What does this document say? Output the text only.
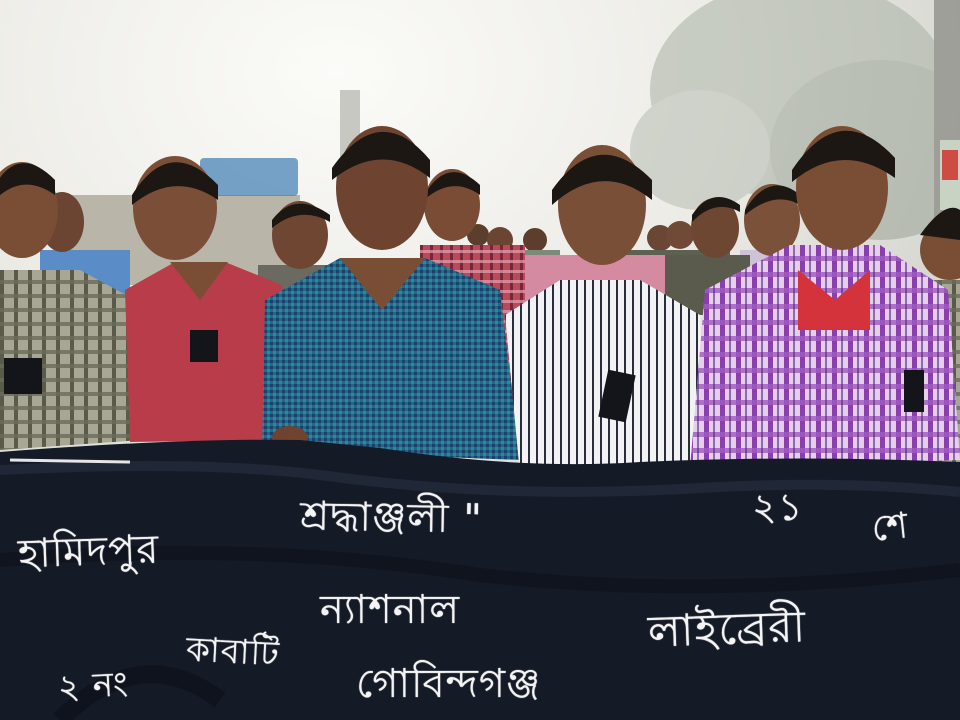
শ্রদ্ধাঞ্জলী "	২১ শে
হামিদপুর
ন্যাশনাল	লাইব্রেরী
কাবাটি
২ নং	গোবিন্দগঞ্জ
